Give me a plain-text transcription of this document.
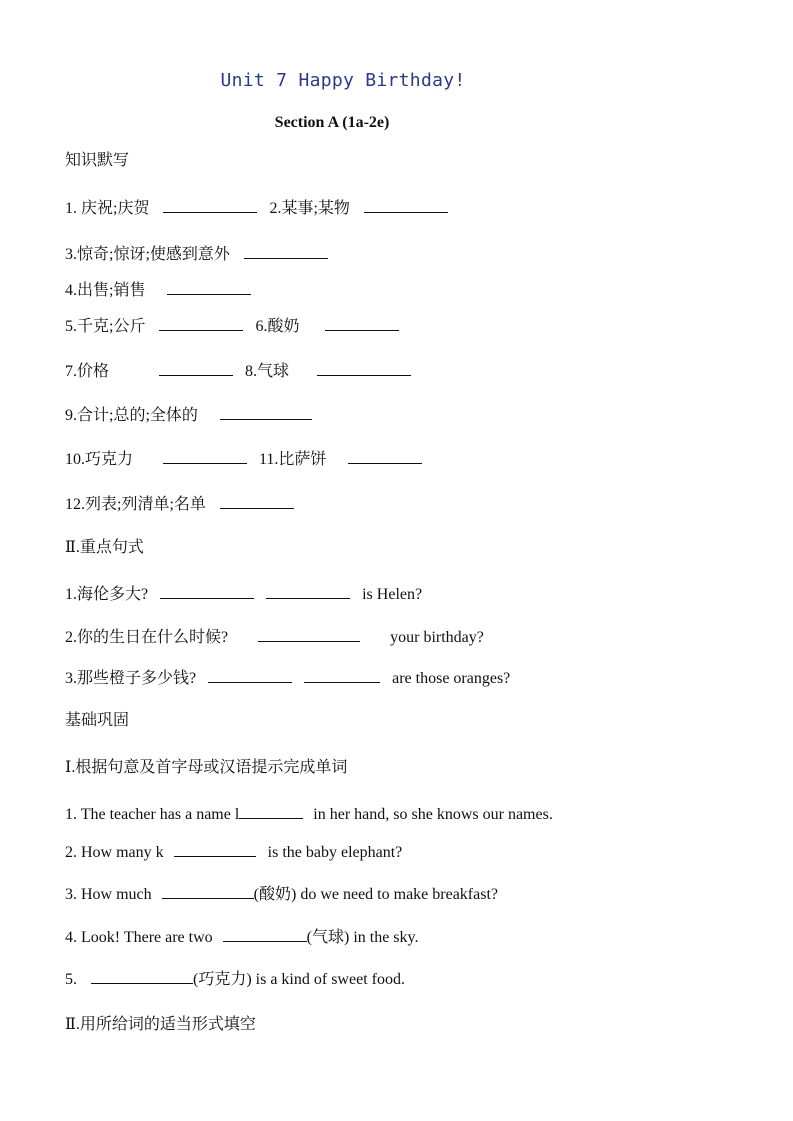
Unit 7 Happy Birthday!
Section A (1a-2e)
知识默写
1. 庆祝;庆贺	2.某事;某物
3.惊奇;惊讶;使感到意外
4.出售;销售
5.千克;公斤	6.酸奶
7.价格	8.气球
9.合计;总的;全体的
10.巧克力	11.比萨饼
12.列表;列清单;名单
Ⅱ.重点句式
1.海伦多大?	is Helen?
2.你的生日在什么时候?	your birthday?
3.那些橙子多少钱?	are those oranges?
基础巩固
Ⅰ.根据句意及首字母或汉语提示完成单词
1. The teacher has a name l	in her hand, so she knows our names.
2. How many k	is the baby elephant?
3. How much	(酸奶) do we need to make breakfast?
4. Look! There are two	(气球) in the sky.
5.	(巧克力) is a kind of sweet food.
Ⅱ.用所给词的适当形式填空
